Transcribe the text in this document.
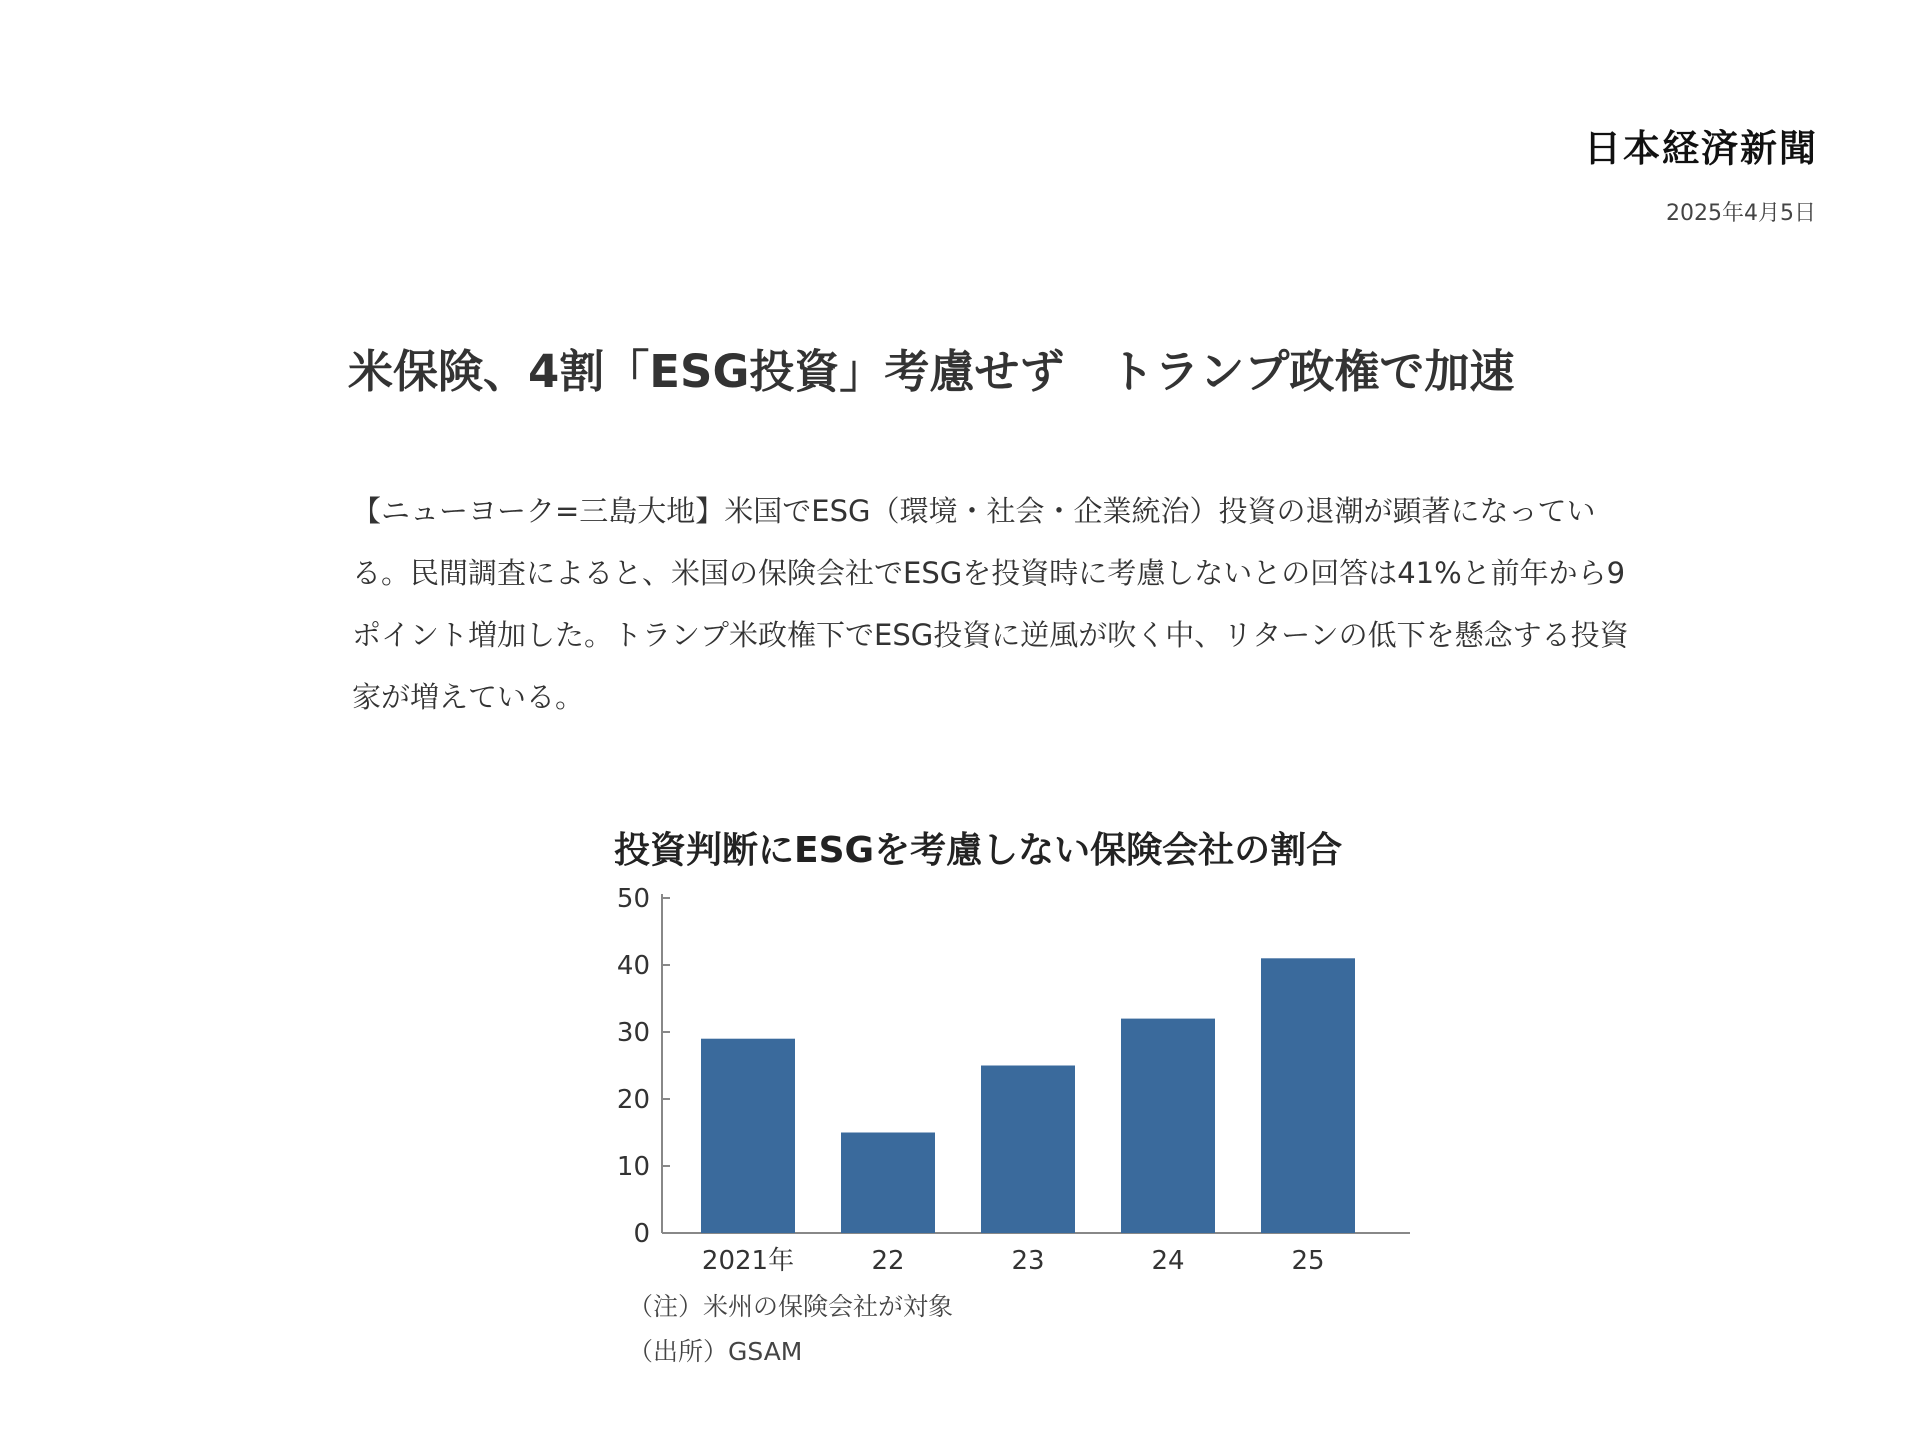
日本経済新聞
2025年4月5日
米保険、4割「ESG投資」考慮せず　トランプ政権で加速

【ニューヨーク=三島大地】米国でESG（環境・社会・企業統治）投資の退潮が顕著になっている。民間調査によると、米国の保険会社でESGを投資時に考慮しないとの回答は41%と前年から9ポイント増加した。トランプ米政権下でESG投資に逆風が吹く中、リターンの低下を懸念する投資家が増えている。

投資判断にESGを考慮しない保険会社の割合
0
10
20
30
40
50
2021年	22	23	24	25
（注）米州の保険会社が対象
（出所）GSAM
